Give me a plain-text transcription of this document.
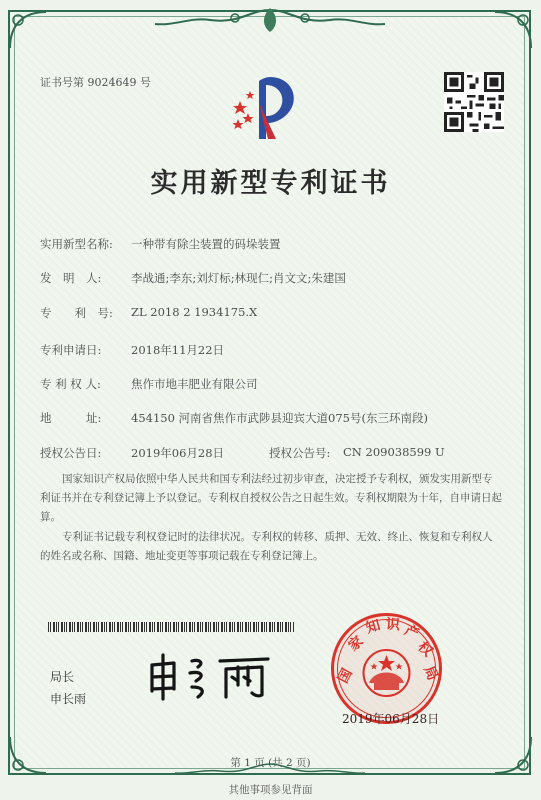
证书号第 9024649 号
实用新型专利证书
实用新型名称: 一种带有除尘装置的码垛装置
发　明　人:	李战通;李东;刘灯标;林现仁;肖文文;朱建国
专　　利　号: ZL 2018 2 1934175.X
专利申请日:	2018年11月22日
专 利 权 人:	焦作市地丰肥业有限公司
地　　　址:	454150 河南省焦作市武陟县迎宾大道075号(东三环南段)
授权公告日:	2019年06月28日	授权公告号: CN 209038599 U
国家知识产权局依照中华人民共和国专利法经过初步审查，决定授予专利权，颁发实用新型专利证书并在专利登记簿上予以登记。专利权自授权公告之日起生效。专利权期限为十年，自申请日起算。
专利证书记载专利权登记时的法律状况。专利权的转移、质押、无效、终止、恢复和专利权人的姓名或名称、国籍、地址变更等事项记载在专利登记簿上。
局长
申长雨
国
家
知 识 产
权
局
2019年06月28日
第 1 页 (共 2 页)
其他事项参见背面
